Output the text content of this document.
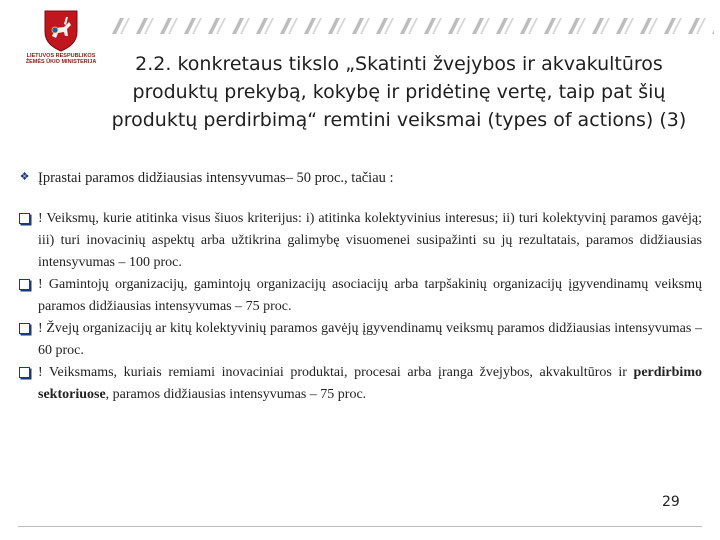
LIETUVOS RESPUBLIKOS
ŽEMĖS ŪKIO MINISTERIJA	2.2. konkretaus tikslo „Skatinti žvejybos ir akvakultūros produktų prekybą, kokybę ir pridėtinę vertę, taip pat šių produktų perdirbimą“ remtini veiksmai (types of actions) (3)
❖ Įprastai paramos didžiausias intensyvumas– 50 proc., tačiau :
! Veiksmų, kurie atitinka visus šiuos kriterijus: i) atitinka kolektyvinius interesus; ii) turi kolektyvinį paramos gavėją; iii) turi inovacinių aspektų arba užtikrina galimybę visuomenei susipažinti su jų rezultatais, paramos didžiausias intensyvumas – 100 proc.
! Gamintojų organizacijų, gamintojų organizacijų asociacijų arba tarpšakinių organizacijų įgyvendinamų veiksmų paramos didžiausias intensyvumas – 75 proc.
! Žvejų organizacijų ar kitų kolektyvinių paramos gavėjų įgyvendinamų veiksmų paramos didžiausias intensyvumas – 60 proc.
! Veiksmams, kuriais remiami inovaciniai produktai, procesai arba įranga žvejybos, akvakultūros ir perdirbimo sektoriuose, paramos didžiausias intensyvumas – 75 proc.
29
